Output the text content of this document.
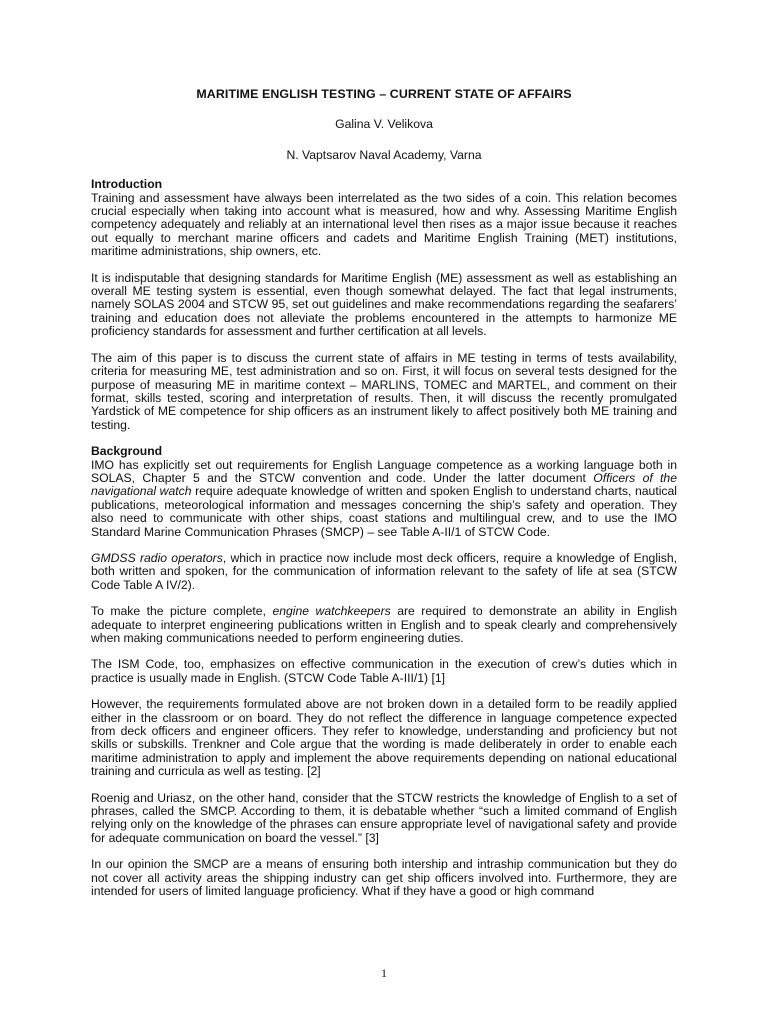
MARITIME ENGLISH TESTING – CURRENT STATE OF AFFAIRS
Galina V. Velikova
N. Vaptsarov Naval Academy, Varna
Introduction

Training and assessment have always been interrelated as the two sides of a coin. This relation becomes crucial especially when taking into account what is measured, how and why. Assessing Maritime English competency adequately and reliably at an international level then rises as a major issue because it reaches out equally to merchant marine officers and cadets and Maritime English Training (MET) institutions, maritime administrations, ship owners, etc.

It is indisputable that designing standards for Maritime English (ME) assessment as well as establishing an overall ME testing system is essential, even though somewhat delayed. The fact that legal instruments, namely SOLAS 2004 and STCW 95, set out guidelines and make recommendations regarding the seafarers’ training and education does not alleviate the problems encountered in the attempts to harmonize ME proficiency standards for assessment and further certification at all levels.

The aim of this paper is to discuss the current state of affairs in ME testing in terms of tests availability, criteria for measuring ME, test administration and so on. First, it will focus on several tests designed for the purpose of measuring ME in maritime context – MARLINS, TOMEC and MARTEL, and comment on their format, skills tested, scoring and interpretation of results. Then, it will discuss the recently promulgated Yardstick of ME competence for ship officers as an instrument likely to affect positively both ME training and testing.

Background

IMO has explicitly set out requirements for English Language competence as a working language both in SOLAS, Chapter 5 and the STCW convention and code. Under the latter document Officers of the navigational watch require adequate knowledge of written and spoken English to understand charts, nautical publications, meteorological information and messages concerning the ship’s safety and operation. They also need to communicate with other ships, coast stations and multilingual crew, and to use the IMO Standard Marine Communication Phrases (SMCP) – see Table A-II/1 of STCW Code.

GMDSS radio operators, which in practice now include most deck officers, require a knowledge of English, both written and spoken, for the communication of information relevant to the safety of life at sea (STCW Code Table A IV/2).

To make the picture complete, engine watchkeepers are required to demonstrate an ability in English adequate to interpret engineering publications written in English and to speak clearly and comprehensively when making communications needed to perform engineering duties.

The ISM Code, too, emphasizes on effective communication in the execution of crew’s duties which in practice is usually made in English. (STCW Code Table A-III/1) [1]

However, the requirements formulated above are not broken down in a detailed form to be readily applied either in the classroom or on board. They do not reflect the difference in language competence expected from deck officers and engineer officers. They refer to knowledge, understanding and proficiency but not skills or subskills. Trenkner and Cole argue that the wording is made deliberately in order to enable each maritime administration to apply and implement the above requirements depending on national educational training and curricula as well as testing. [2]

Roenig and Uriasz, on the other hand, consider that the STCW restricts the knowledge of English to a set of phrases, called the SMCP. According to them, it is debatable whether “such a limited command of English relying only on the knowledge of the phrases can ensure appropriate level of navigational safety and provide for adequate communication on board the vessel.” [3]

In our opinion the SMCP are a means of ensuring both intership and intraship communication but they do not cover all activity areas the shipping industry can get ship officers involved into. Furthermore, they are intended for users of limited language proficiency. What if they have a good or high command

1
